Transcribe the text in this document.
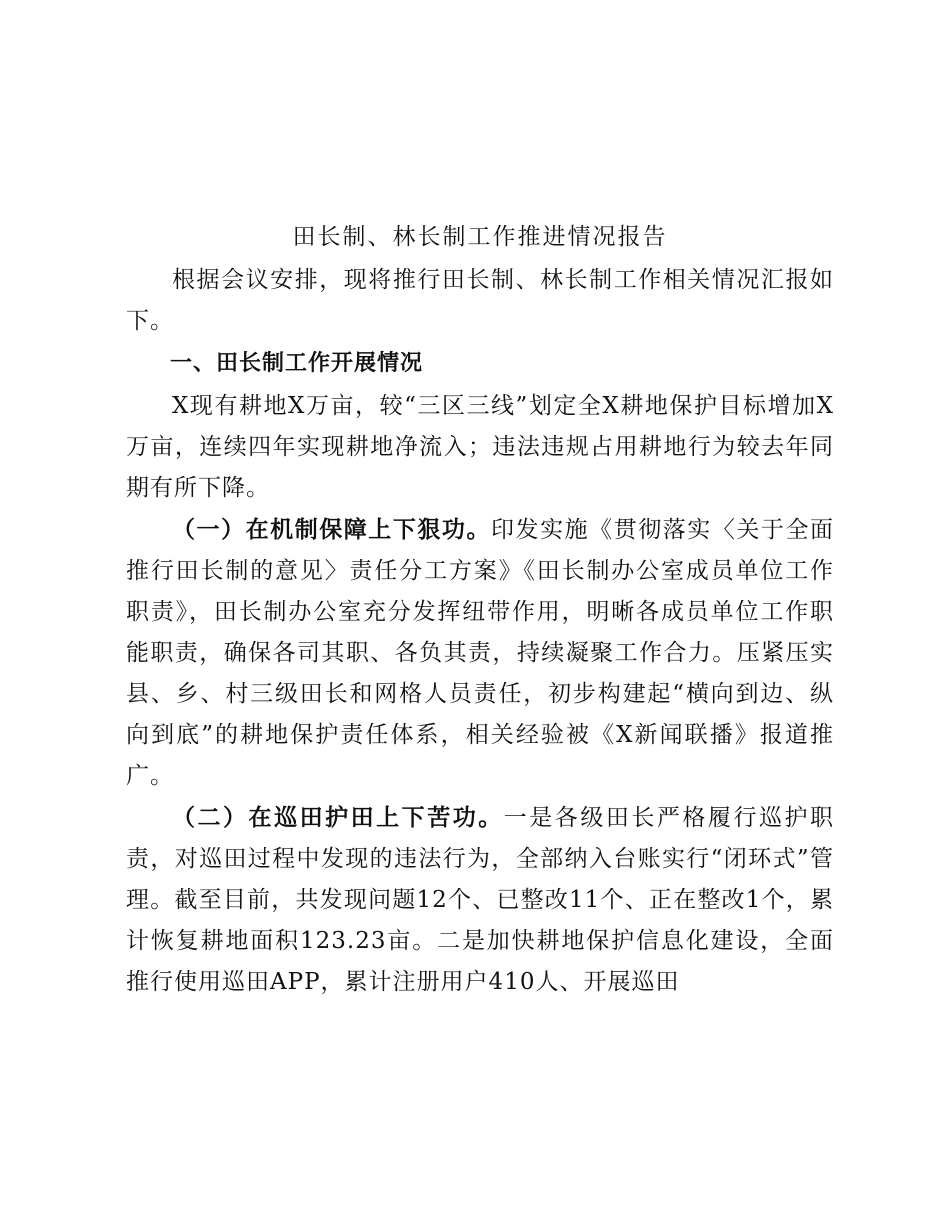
田长制、林长制工作推进情况报告

根据会议安排，现将推行田长制、林长制工作相关情况汇报如下。

一、田长制工作开展情况

X现有耕地X万亩，较“三区三线”划定全X耕地保护目标增加X万亩，连续四年实现耕地净流入；违法违规占用耕地行为较去年同期有所下降。

（一）在机制保障上下狠功。印发实施《贯彻落实〈关于全面推行田长制的意见〉责任分工方案》《田长制办公室成员单位工作职责》，田长制办公室充分发挥纽带作用，明晰各成员单位工作职能职责，确保各司其职、各负其责，持续凝聚工作合力。压紧压实县、乡、村三级田长和网格人员责任，初步构建起“横向到边、纵向到底”的耕地保护责任体系，相关经验被《X新闻联播》报道推广。

（二）在巡田护田上下苦功。一是各级田长严格履行巡护职责，对巡田过程中发现的违法行为，全部纳入台账实行“闭环式”管理。截至目前，共发现问题12个、已整改11个、正在整改1个，累计恢复耕地面积123.23亩。二是加快耕地保护信息化建设，全面推行使用巡田APP，累计注册用户410人、开展巡田
